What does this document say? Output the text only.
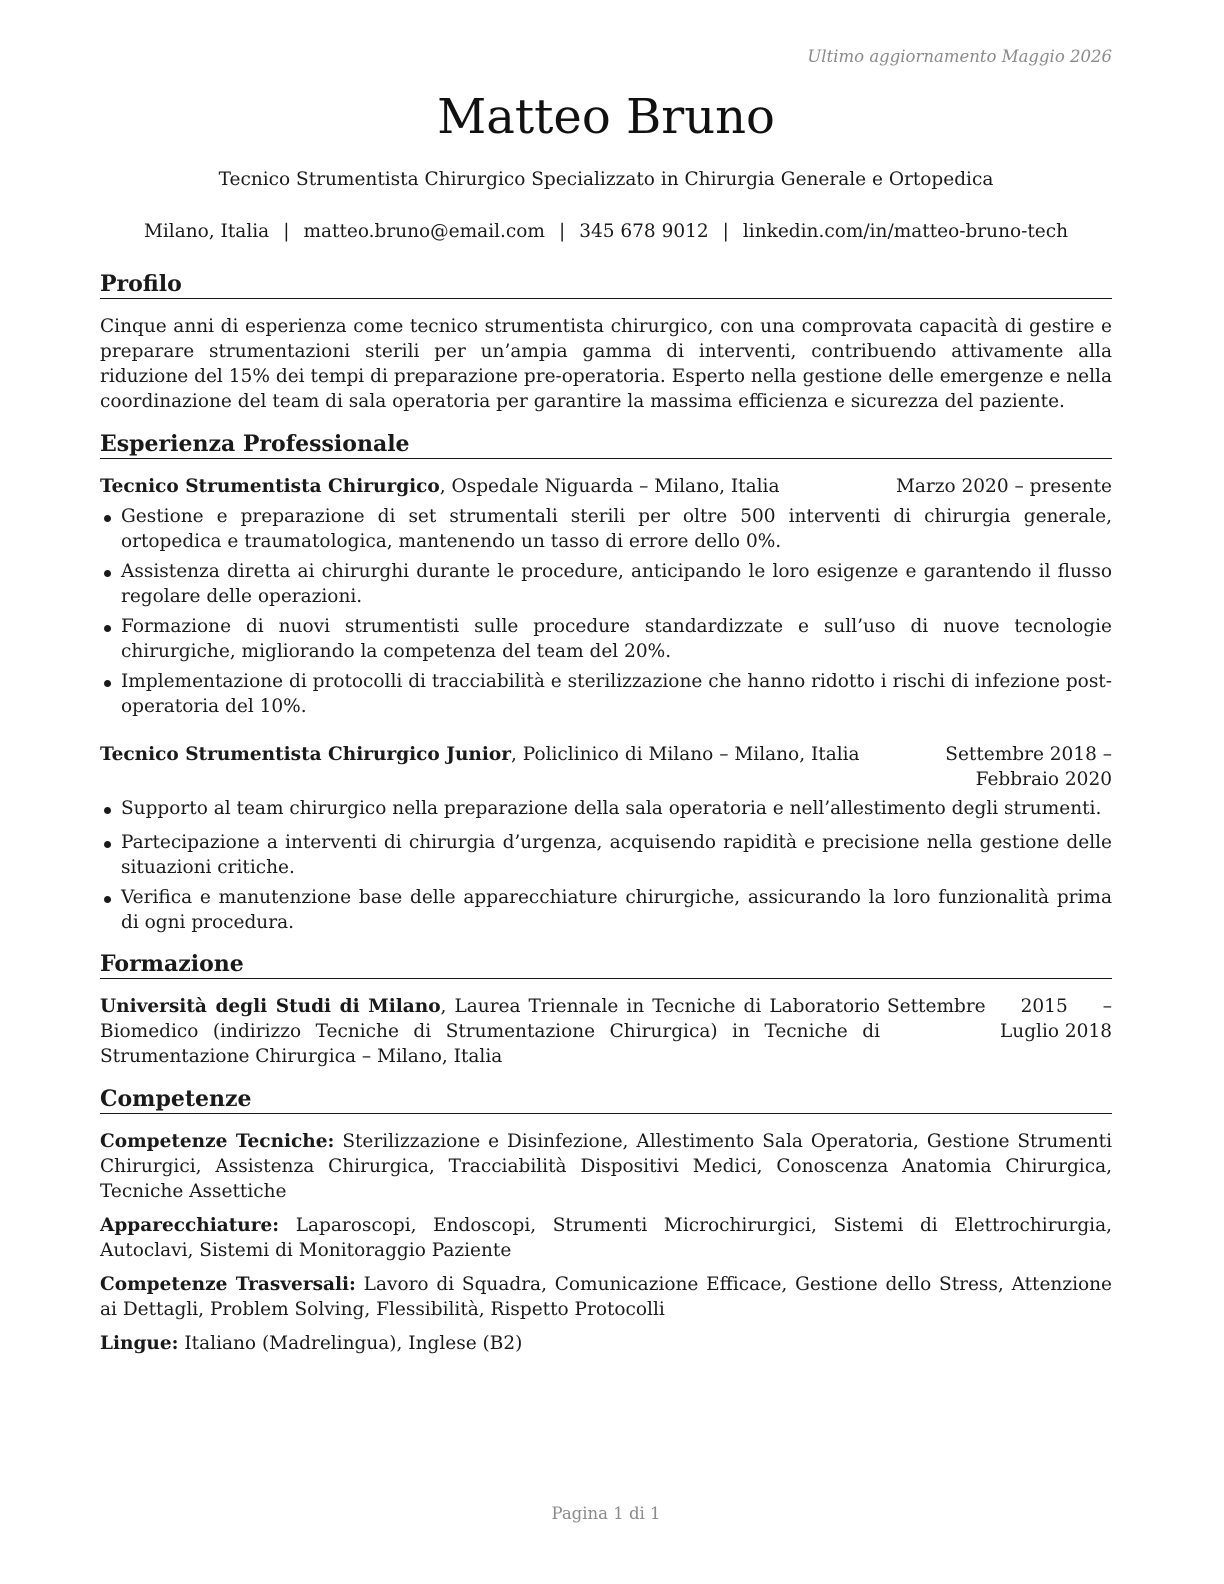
Ultimo aggiornamento Maggio 2026
Matteo Bruno
Tecnico Strumentista Chirurgico Specializzato in Chirurgia Generale e Ortopedica
Milano, Italia | matteo.bruno@email.com | 345 678 9012 | linkedin.com/in/matteo-bruno-tech
Profilo

Cinque anni di esperienza come tecnico strumentista chirurgico, con una comprovata capacità di gestire e preparare strumentazioni sterili per un’ampia gamma di interventi, contribuendo attivamente alla riduzione del 15% dei tempi di preparazione pre-operatoria. Esperto nella gestione delle emergenze e nella coordinazione del team di sala operatoria per garantire la massima efficienza e sicurezza del paziente.

Esperienza Professionale
Tecnico Strumentista Chirurgico, Ospedale Niguarda – Milano, Italia	Marzo 2020 – presente
Gestione e preparazione di set strumentali sterili per oltre 500 interventi di chirurgia generale, ortopedica e traumatologica, mantenendo un tasso di errore dello 0%.
Assistenza diretta ai chirurghi durante le procedure, anticipando le loro esigenze e garantendo il flusso regolare delle operazioni.
Formazione di nuovi strumentisti sulle procedure standardizzate e sull’uso di nuove tecnologie chirurgiche, migliorando la competenza del team del 20%.
Implementazione di protocolli di tracciabilità e sterilizzazione che hanno ridotto i rischi di infezione post-operatoria del 10%.
Tecnico Strumentista Chirurgico Junior, Policlinico di Milano – Milano, Italia	Settembre 2018 – Febbraio 2020
Supporto al team chirurgico nella preparazione della sala operatoria e nell’allestimento degli strumenti.
Partecipazione a interventi di chirurgia d’urgenza, acquisendo rapidità e precisione nella gestione delle situazioni critiche.
Verifica e manutenzione base delle apparecchiature chirurgiche, assicurando la loro funzionalità prima di ogni procedura.
Formazione
Università degli Studi di Milano, Laurea Triennale in Tecniche di Laboratorio Biomedico (indirizzo Tecniche di Strumentazione Chirurgica) in Tecniche di Strumentazione Chirurgica – Milano, Italia
Settembre 2015 – Luglio 2018
Competenze

Competenze Tecniche: Sterilizzazione e Disinfezione, Allestimento Sala Operatoria, Gestione Strumenti Chirurgici, Assistenza Chirurgica, Tracciabilità Dispositivi Medici, Conoscenza Anatomia Chirurgica, Tecniche Assettiche

Apparecchiature: Laparoscopi, Endoscopi, Strumenti Microchirurgici, Sistemi di Elettrochirurgia, Autoclavi, Sistemi di Monitoraggio Paziente

Competenze Trasversali: Lavoro di Squadra, Comunicazione Efficace, Gestione dello Stress, Attenzione ai Dettagli, Problem Solving, Flessibilità, Rispetto Protocolli

Lingue: Italiano (Madrelingua), Inglese (B2)

Pagina 1 di 1
